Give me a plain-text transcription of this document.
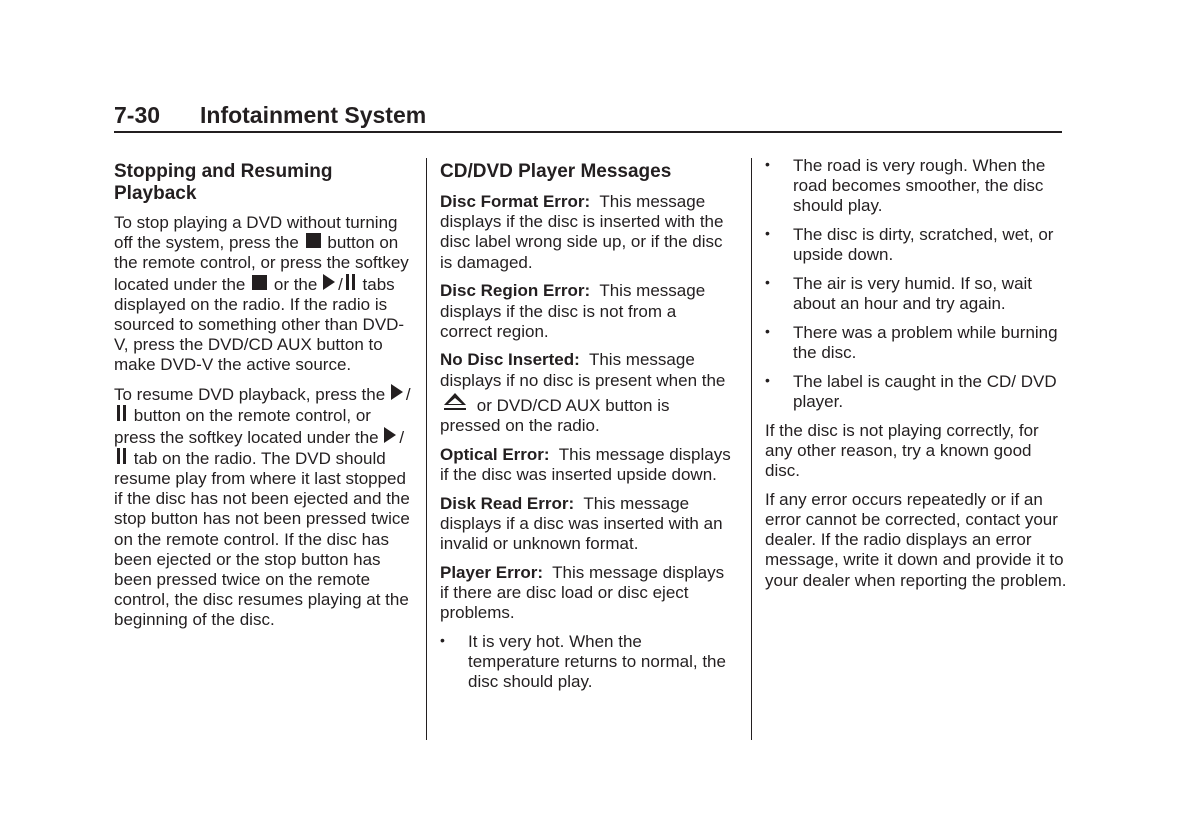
7-30 Infotainment System
Stopping and Resuming Playback

To stop playing a DVD without turning off the system, press the button on the remote control, or press the softkey located under the or the / tabs displayed on the radio. If the radio is sourced to something other than DVD-V, press the DVD/CD AUX button to make DVD-V the active source.

To resume DVD playback, press the / button on the remote control, or press the softkey located under the / tab on the radio. The DVD should resume play from where it last stopped if the disc has not been ejected and the stop button has not been pressed twice on the remote control. If the disc has been ejected or the stop button has been pressed twice on the remote control, the disc resumes playing at the beginning of the disc.

CD/DVD Player Messages

Disc Format Error: This message displays if the disc is inserted with the disc label wrong side up, or if the disc is damaged.

Disc Region Error: This message displays if the disc is not from a correct region.

No Disc Inserted: This message displays if no disc is present when the
or DVD/CD AUX button is pressed on the radio.

Optical Error: This message displays if the disc was inserted upside down.

Disk Read Error: This message displays if a disc was inserted with an invalid or unknown format.

Player Error: This message displays if there are disc load or disc eject problems.

• It is very hot. When the temperature returns to normal, the disc should play.
• The road is very rough. When the road becomes smoother, the disc should play.
• The disc is dirty, scratched, wet, or upside down.
• The air is very humid. If so, wait about an hour and try again.
• There was a problem while burning the disc.
• The label is caught in the CD/ DVD player.

If the disc is not playing correctly, for any other reason, try a known good disc.

If any error occurs repeatedly or if an error cannot be corrected, contact your dealer. If the radio displays an error message, write it down and provide it to your dealer when reporting the problem.
